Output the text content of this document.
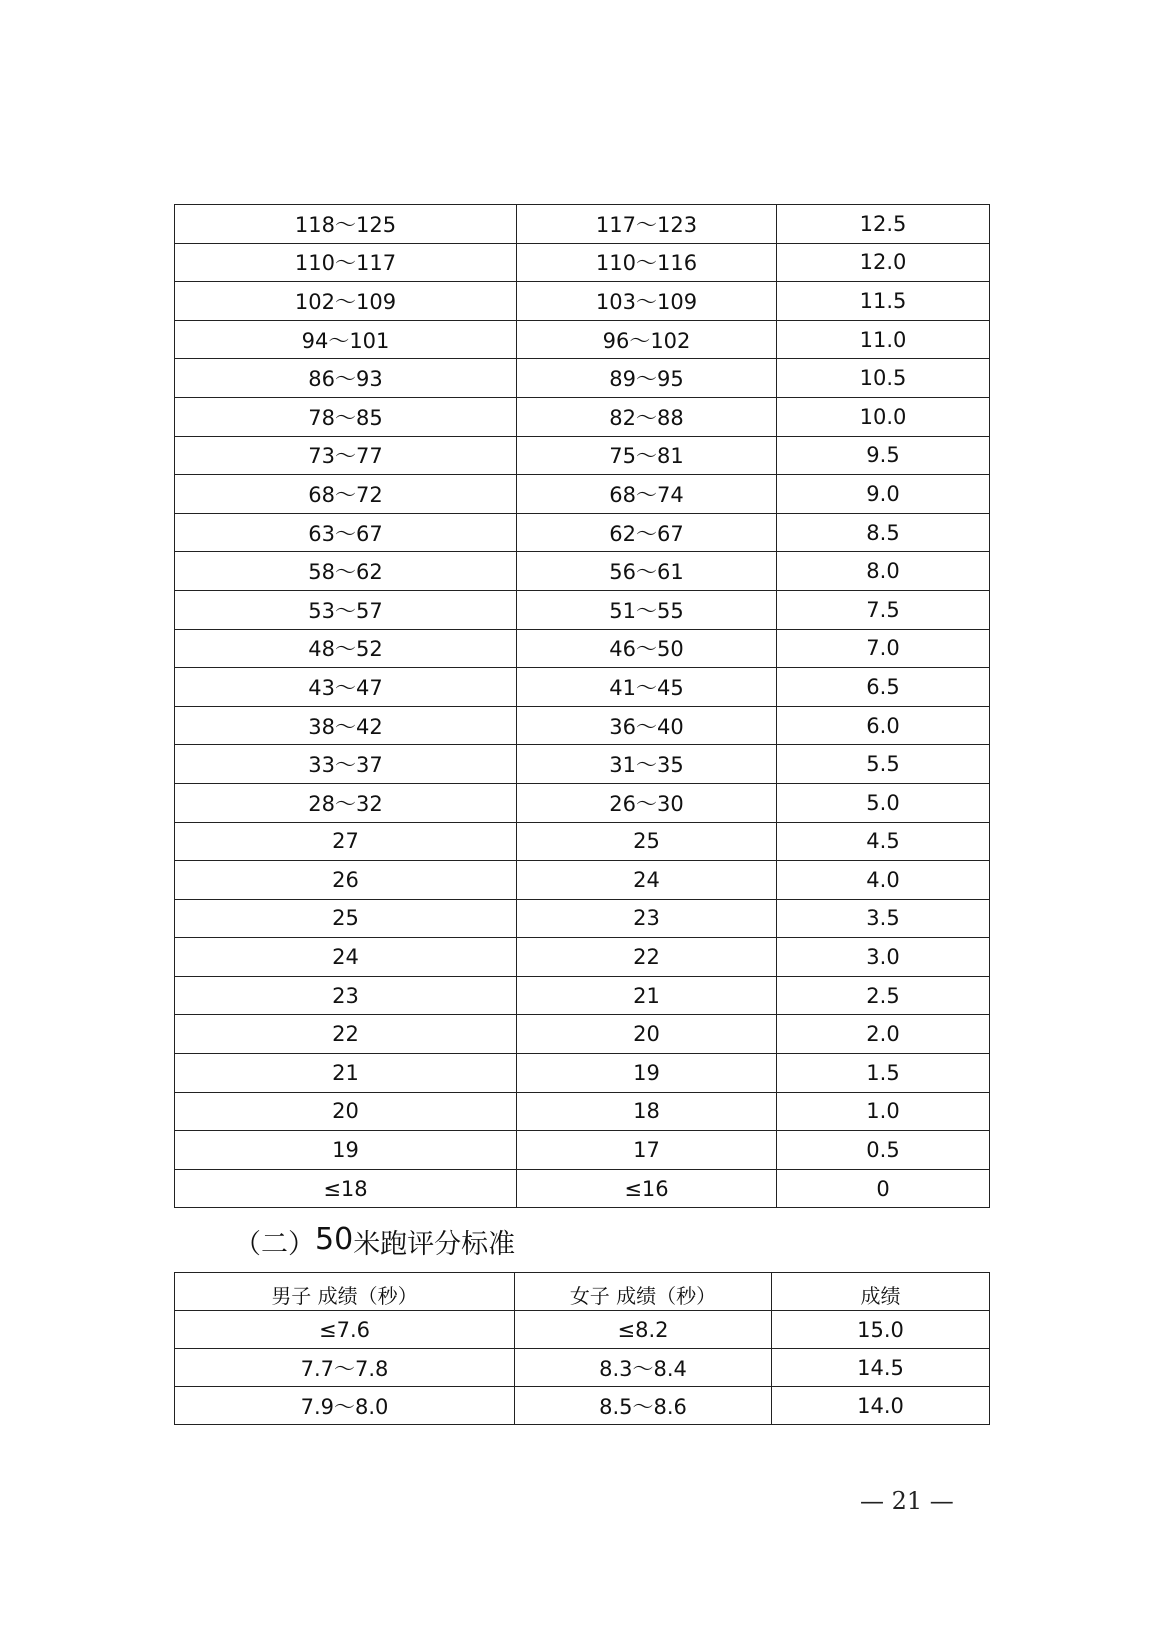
118～125	117～123	12.5
110～117	110～116	12.0
102～109	103～109	11.5
94～101	96～102	11.0
86～93	89～95	10.5
78～85	82～88	10.0
73～77	75～81	9.5
68～72	68～74	9.0
63～67	62～67	8.5
58～62	56～61	8.0
53～57	51～55	7.5
48～52	46～50	7.0
43～47	41～45	6.5
38～42	36～40	6.0
33～37	31～35	5.5
28～32	26～30	5.0
27	25	4.5
26	24	4.0
25	23	3.5
24	22	3.0
23	21	2.5
22	20	2.0
21	19	1.5
20	18	1.0
19	17	0.5
≤18	≤16	0
（二）50米跑评分标准
男子 成绩（秒）	女子 成绩（秒）	成绩
≤7.6	≤8.2	15.0
7.7～7.8	8.3～8.4	14.5
7.9～8.0	8.5～8.6	14.0
— 21 —
